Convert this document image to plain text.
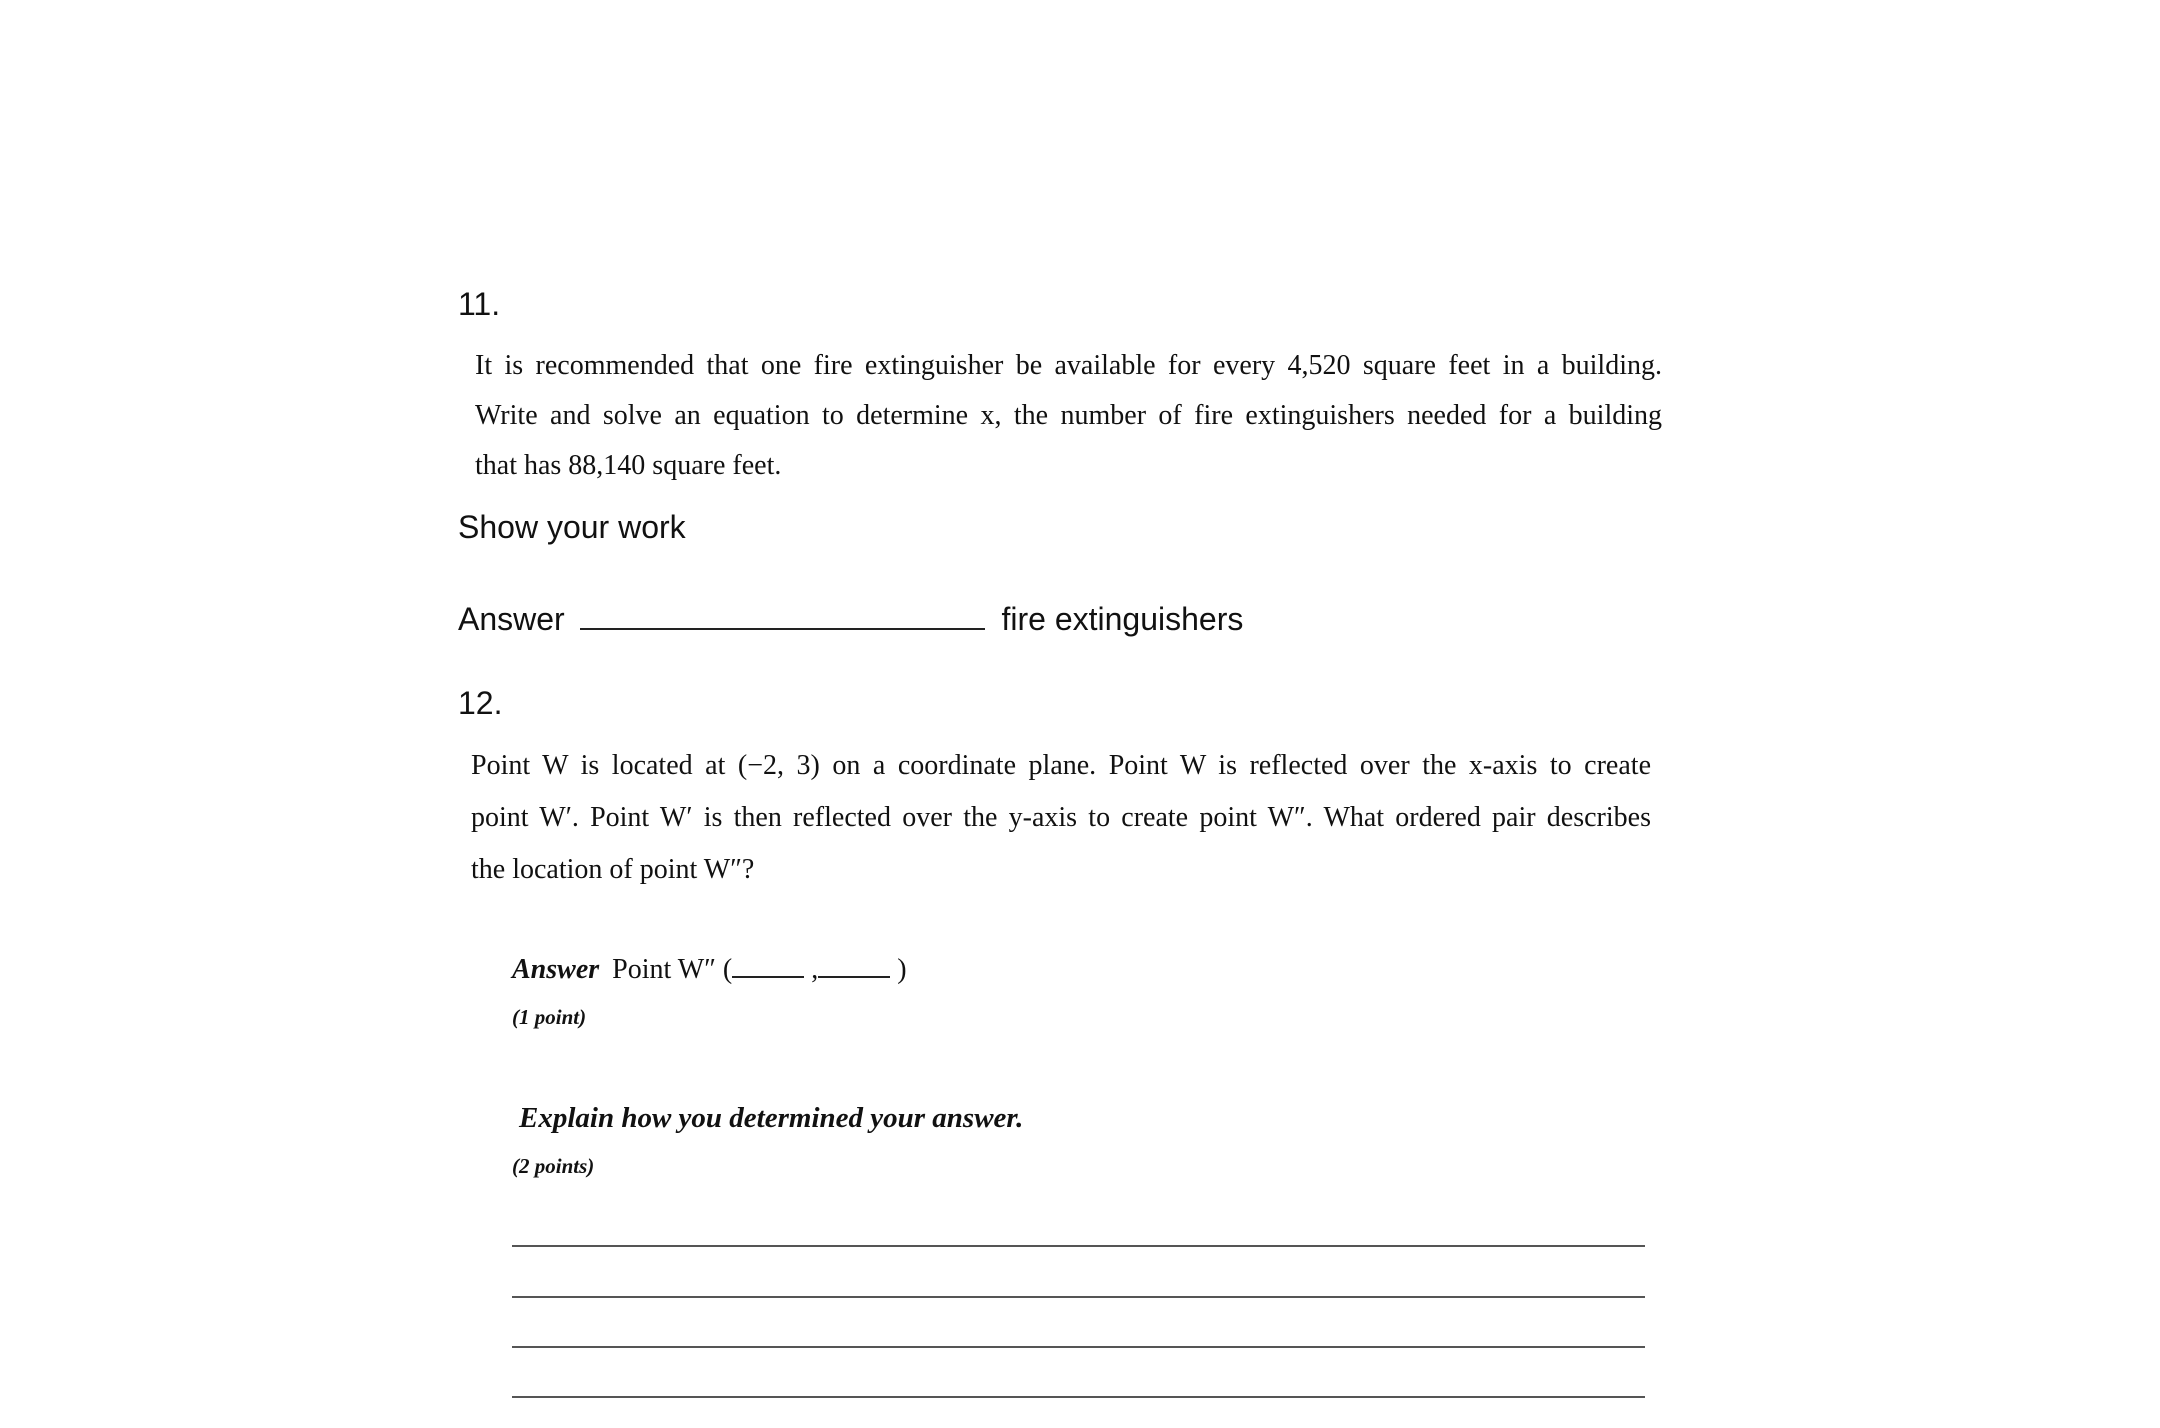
11.
It is recommended that one fire extinguisher be available for every 4,520 square feet in a building.
Write and solve an equation to determine x, the number of fire extinguishers needed for a building
that has 88,140 square feet.
Show your work
Answer	fire extinguishers
12.
Point W is located at (−2, 3) on a coordinate plane. Point W is reflected over the x-axis to create
point W′. Point W′ is then reflected over the y-axis to create point W″. What ordered pair describes
the location of point W″?
Answer Point W″ (	,	)
(1 point)
Explain how you determined your answer.
(2 points)
